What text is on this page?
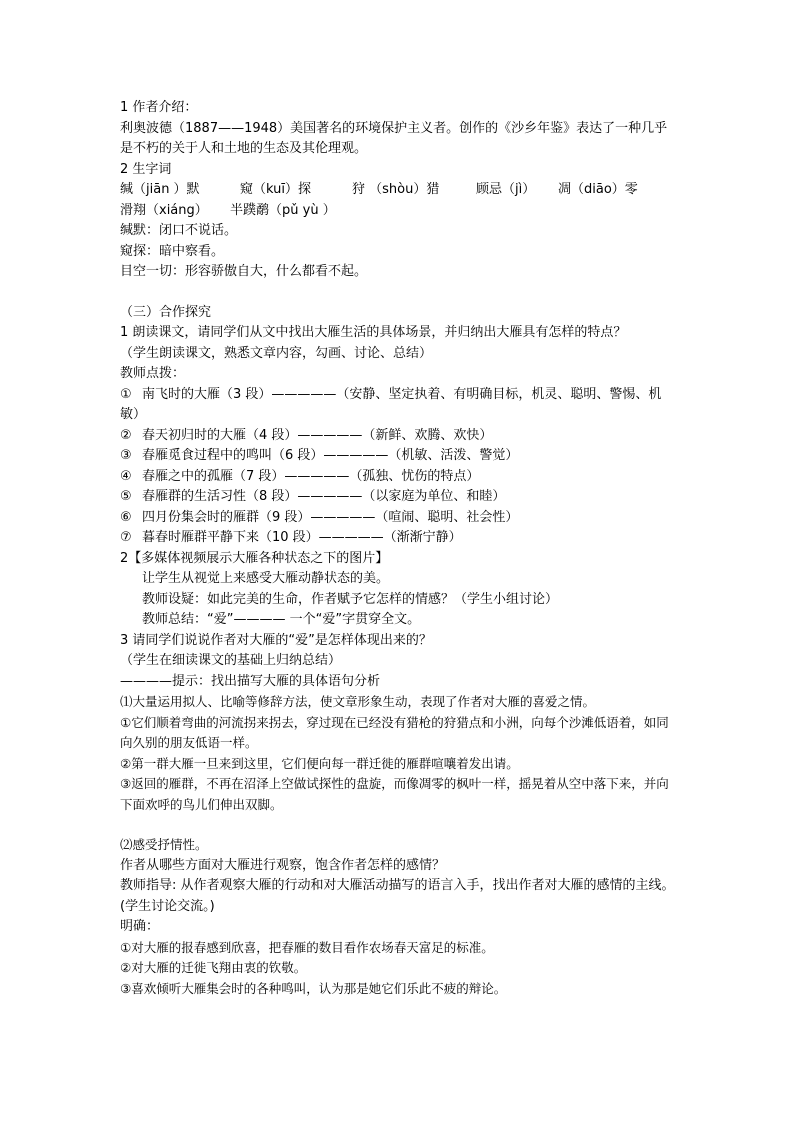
1 作者介绍：
利奥波德（1887——1948）美国著名的环境保护主义者。创作的《沙乡年鉴》表达了一种几乎是不朽的关于人和土地的生态及其伦理观。
2 生字词
缄（jiān ）默	窥（kuī）探	狩 （shòu）猎	顾忌（jì）	凋（diāo）零
滑翔（xiáng）	半蹼鹬（pǔ yù ）
缄默：闭口不说话。
窥探：暗中察看。
目空一切：形容骄傲自大，什么都看不起。
（三）合作探究
1 朗读课文，请同学们从文中找出大雁生活的具体场景，并归纳出大雁具有怎样的特点？
（学生朗读课文，熟悉文章内容，勾画、讨论、总结）
教师点拨：
① 南飞时的大雁（3 段）—————（安静、坚定执着、有明确目标，机灵、聪明、警惕、机敏）
② 春天初归时的大雁（4 段）—————（新鲜、欢腾、欢快）
③ 春雁觅食过程中的鸣叫（6 段）—————（机敏、活泼、警觉）
④ 春雁之中的孤雁（7 段）—————（孤独、忧伤的特点）
⑤ 春雁群的生活习性（8 段）—————（以家庭为单位、和睦）
⑥ 四月份集会时的雁群（9 段）—————（喧闹、聪明、社会性）
⑦ 暮春时雁群平静下来（10 段）—————（渐渐宁静）
2【多媒体视频展示大雁各种状态之下的图片】
让学生从视觉上来感受大雁动静状态的美。
教师设疑：如此完美的生命，作者赋予它怎样的情感？（学生小组讨论）
教师总结：“爱”———— 一个“爱”字贯穿全文。
3 请同学们说说作者对大雁的“爱”是怎样体现出来的？
（学生在细读课文的基础上归纳总结）
————提示：找出描写大雁的具体语句分析
⑴大量运用拟人、比喻等修辞方法，使文章形象生动，表现了作者对大雁的喜爱之情。
①它们顺着弯曲的河流拐来拐去，穿过现在已经没有猎枪的狩猎点和小洲，向每个沙滩低语着，如同向久别的朋友低语一样。
②第一群大雁一旦来到这里，它们便向每一群迁徙的雁群喧嚷着发出请。
③返回的雁群，不再在沼泽上空做试探性的盘旋，而像凋零的枫叶一样，摇晃着从空中落下来，并向下面欢呼的鸟儿们伸出双脚。
⑵感受抒情性。
作者从哪些方面对大雁进行观察，饱含作者怎样的感情？
教师指导: 从作者观察大雁的行动和对大雁活动描写的语言入手，找出作者对大雁的感情的主线。(学生讨论交流。)
明确：
①对大雁的报春感到欣喜，把春雁的数目看作农场春天富足的标准。
②对大雁的迁徙飞翔由衷的钦敬。
③喜欢倾听大雁集会时的各种鸣叫，认为那是她它们乐此不疲的辩论。
